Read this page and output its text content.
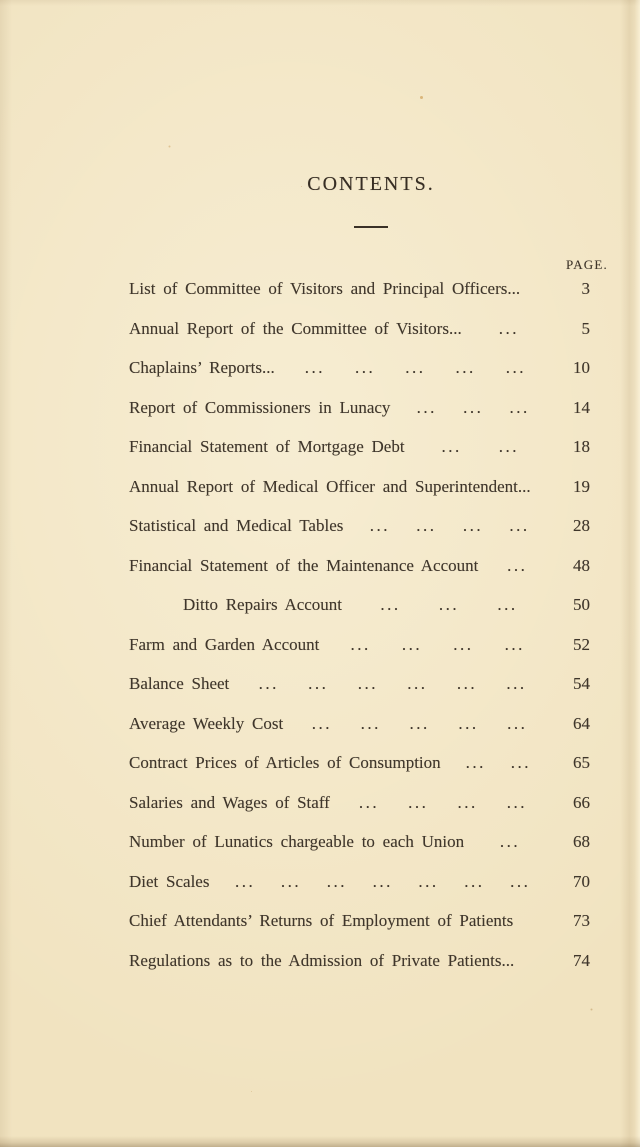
CONTENTS.
PAGE.
List of Committee of Visitors and Principal Officers...	3
Annual Report of the Committee of Visitors... ...	5
Chaplains’ Reports... ... ... ... ... ...	10
Report of Commissioners in Lunacy ... ... ...	14
Financial Statement of Mortgage Debt ... ...	18
Annual Report of Medical Officer and Superintendent...	19
Statistical and Medical Tables ... ... ... ...	28
Financial Statement of the Maintenance Account ...	48
Ditto Repairs Account ... ... ...	50
Farm and Garden Account ... ... ... ...	52
Balance Sheet ... ... ... ... ... ...	54
Average Weekly Cost ... ... ... ... ...	64
Contract Prices of Articles of Consumption ... ...	65
Salaries and Wages of Staff ... ... ... ...	66
Number of Lunatics chargeable to each Union ...	68
Diet Scales ... ... ... ... ... ... ...	70
Chief Attendants’ Returns of Employment of Patients	73
Regulations as to the Admission of Private Patients...	74
